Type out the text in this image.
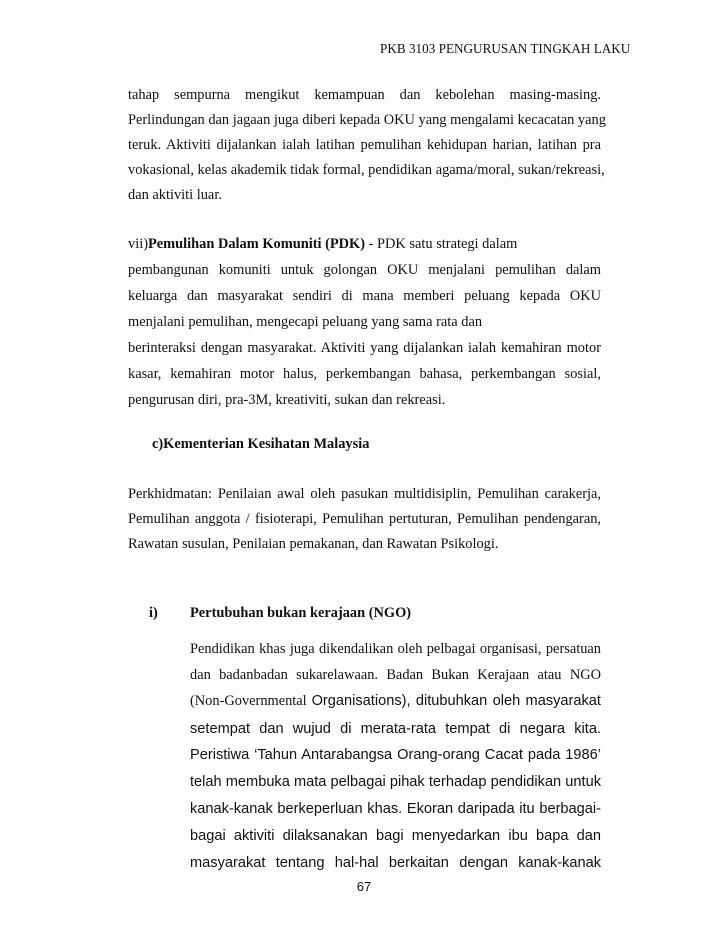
PKB 3103 PENGURUSAN TINGKAH LAKU
tahap sempurna mengikut kemampuan dan kebolehan masing-masing.
Perlindungan dan jagaan juga diberi kepada OKU yang mengalami kecacatan yang
teruk. Aktiviti dijalankan ialah latihan pemulihan kehidupan harian, latihan pra
vokasional, kelas akademik tidak formal, pendidikan agama/moral, sukan/rekreasi,
dan aktiviti luar.
vii)Pemulihan Dalam Komuniti (PDK) - PDK satu strategi dalam
pembangunan komuniti untuk golongan OKU menjalani pemulihan dalam
keluarga dan masyarakat sendiri di mana memberi peluang kepada OKU
menjalani pemulihan, mengecapi peluang yang sama rata dan
berinteraksi dengan masyarakat. Aktiviti yang dijalankan ialah kemahiran motor
kasar, kemahiran motor halus, perkembangan bahasa, perkembangan sosial,
pengurusan diri, pra-3M, kreativiti, sukan dan rekreasi.
c)Kementerian Kesihatan Malaysia
Perkhidmatan: Penilaian awal oleh pasukan multidisiplin, Pemulihan carakerja,
Pemulihan anggota / fisioterapi, Pemulihan pertuturan, Pemulihan pendengaran,
Rawatan susulan, Penilaian pemakanan, dan Rawatan Psikologi.
i)	Pertubuhan bukan kerajaan (NGO)
Pendidikan khas juga dikendalikan oleh pelbagai organisasi, persatuan
dan badanbadan sukarelawaan. Badan Bukan Kerajaan atau NGO
(Non-Governmental Organisations), ditubuhkan oleh masyarakat
setempat dan wujud di merata-rata tempat di negara kita.
Peristiwa ‘Tahun Antarabangsa Orang-orang Cacat pada 1986’
telah membuka mata pelbagai pihak terhadap pendidikan untuk
kanak-kanak berkeperluan khas. Ekoran daripada itu berbagai-
bagai aktiviti dilaksanakan bagi menyedarkan ibu bapa dan
masyarakat tentang hal-hal berkaitan dengan kanak-kanak
67
